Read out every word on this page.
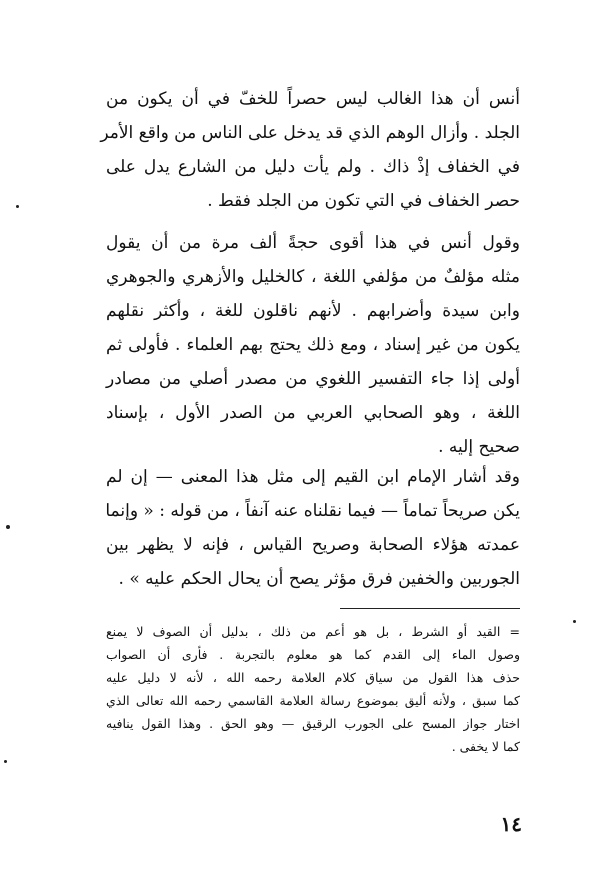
أنس أن هذا الغالب ليس حصراً للخفّ في أن يكون من
الجلد . وأزال الوهم الذي قد يدخل على الناس من واقع الأمر
في الخفاف إذْ ذاك . ولم يأت دليل من الشارع يدل على
حصر الخفاف في التي تكون من الجلد فقط .
وقول أنس في هذا أقوى حجةً ألف مرة من أن يقول
مثله مؤلفٌ من مؤلفي اللغة ، كالخليل والأزهري والجوهري
وابن سيدة وأضرابهم . لأنهم ناقلون للغة ، وأكثر نقلهم
يكون من غير إسناد ، ومع ذلك يحتج بهم العلماء . فأولى ثم
أولى إذا جاء التفسير اللغوي من مصدر أصلي من مصادر
اللغة ، وهو الصحابي العربي من الصدر الأول ، بإسناد
صحيح إليه .
وقد أشار الإمام ابن القيم إلى مثل هذا المعنى — إن لم
يكن صريحاً تماماً — فيما نقلناه عنه آنفاً ، من قوله : « وإنما
عمدته هؤلاء الصحابة وصريح القياس ، فإنه لا يظهر بين
الجوربين والخفين فرق مؤثر يصح أن يحال الحكم عليه » .
= القيد أو الشرط ، بل هو أعم من ذلك ، بدليل أن الصوف لا يمنع
وصول الماء إلى القدم كما هو معلوم بالتجربة . فأرى أن الصواب
حذف هذا القول من سياق كلام العلامة رحمه الله ، لأنه لا دليل عليه
كما سبق ، ولأنه أليق بموضوع رسالة العلامة القاسمي رحمه الله تعالى الذي
اختار جواز المسح على الجورب الرقيق — وهو الحق . وهذا القول ينافيه
كما لا يخفى .
١٤
